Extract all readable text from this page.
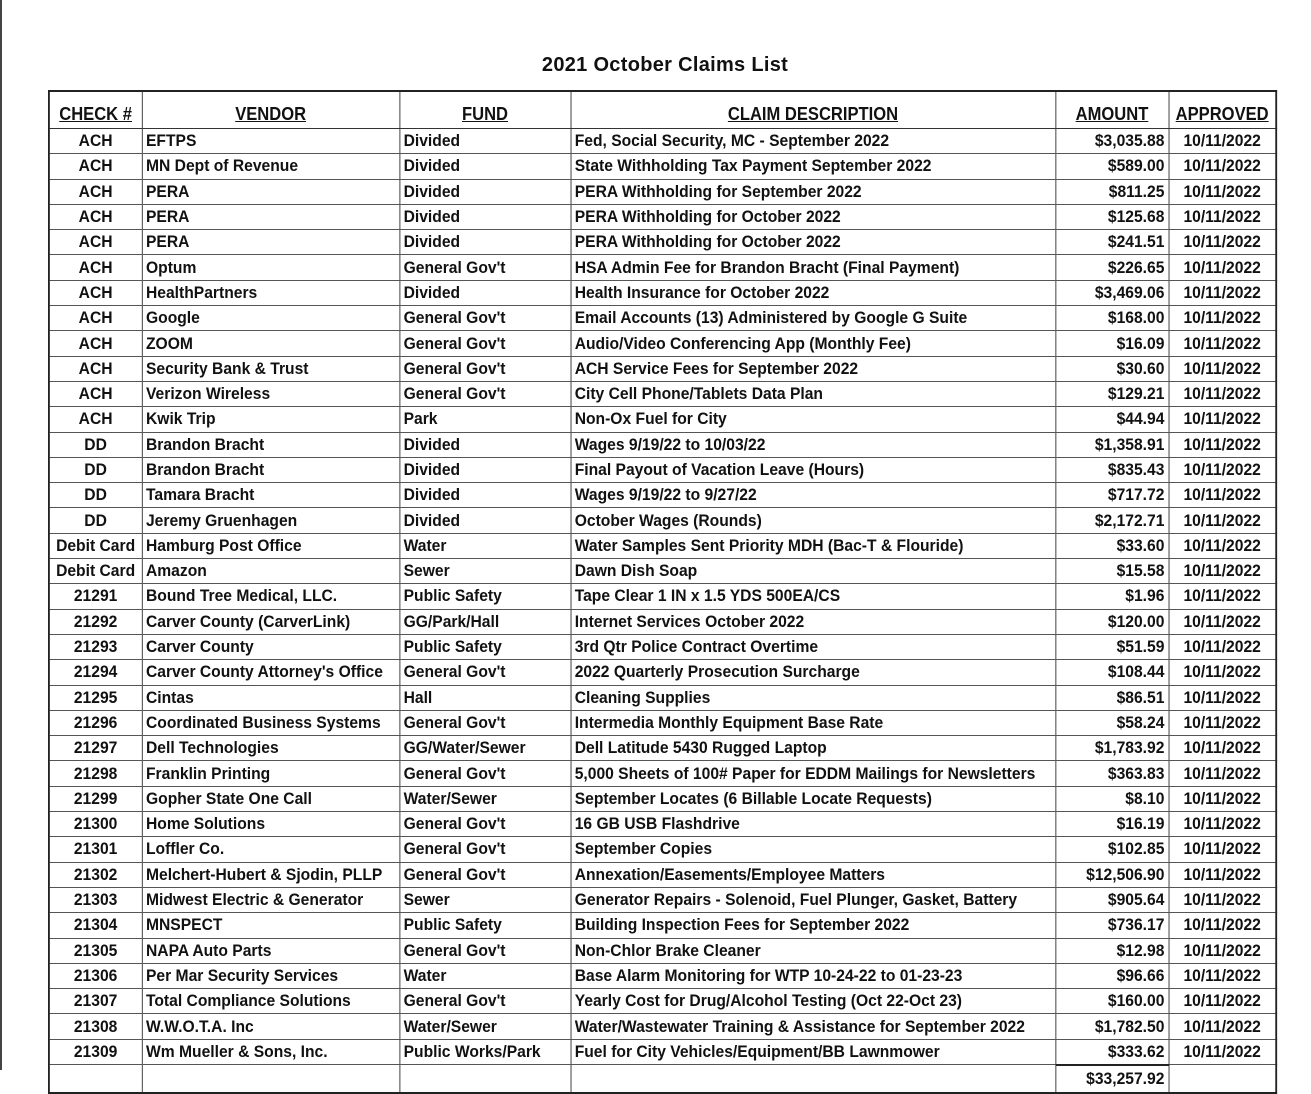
2021 October Claims List
CHECK #	VENDOR	FUND	CLAIM DESCRIPTION	AMOUNT	APPROVED
ACH	EFTPS	Divided	Fed, Social Security, MC - September 2022	$3,035.88	10/11/2022
ACH	MN Dept of Revenue	Divided	State Withholding Tax Payment September 2022	$589.00	10/11/2022
ACH	PERA	Divided	PERA Withholding for September 2022	$811.25	10/11/2022
ACH	PERA	Divided	PERA Withholding for October 2022	$125.68	10/11/2022
ACH	PERA	Divided	PERA Withholding for October 2022	$241.51	10/11/2022
ACH	Optum	General Gov't	HSA Admin Fee for Brandon Bracht (Final Payment)	$226.65	10/11/2022
ACH	HealthPartners	Divided	Health Insurance for October 2022	$3,469.06	10/11/2022
ACH	Google	General Gov't	Email Accounts (13) Administered by Google G Suite	$168.00	10/11/2022
ACH	ZOOM	General Gov't	Audio/Video Conferencing App (Monthly Fee)	$16.09	10/11/2022
ACH	Security Bank & Trust	General Gov't	ACH Service Fees for September 2022	$30.60	10/11/2022
ACH	Verizon Wireless	General Gov't	City Cell Phone/Tablets Data Plan	$129.21	10/11/2022
ACH	Kwik Trip	Park	Non-Ox Fuel for City	$44.94	10/11/2022
DD	Brandon Bracht	Divided	Wages 9/19/22 to 10/03/22	$1,358.91	10/11/2022
DD	Brandon Bracht	Divided	Final Payout of Vacation Leave (Hours)	$835.43	10/11/2022
DD	Tamara Bracht	Divided	Wages 9/19/22 to 9/27/22	$717.72	10/11/2022
DD	Jeremy Gruenhagen	Divided	October Wages (Rounds)	$2,172.71	10/11/2022
Debit Card	Hamburg Post Office	Water	Water Samples Sent Priority MDH (Bac-T & Flouride)	$33.60	10/11/2022
Debit Card	Amazon	Sewer	Dawn Dish Soap	$15.58	10/11/2022
21291	Bound Tree Medical, LLC.	Public Safety	Tape Clear 1 IN x 1.5 YDS 500EA/CS	$1.96	10/11/2022
21292	Carver County (CarverLink)	GG/Park/Hall	Internet Services October 2022	$120.00	10/11/2022
21293	Carver County	Public Safety	3rd Qtr Police Contract Overtime	$51.59	10/11/2022
21294	Carver County Attorney's Office	General Gov't	2022 Quarterly Prosecution Surcharge	$108.44	10/11/2022
21295	Cintas	Hall	Cleaning Supplies	$86.51	10/11/2022
21296	Coordinated Business Systems	General Gov't	Intermedia Monthly Equipment Base Rate	$58.24	10/11/2022
21297	Dell Technologies	GG/Water/Sewer	Dell Latitude 5430 Rugged Laptop	$1,783.92	10/11/2022
21298	Franklin Printing	General Gov't	5,000 Sheets of 100# Paper for EDDM Mailings for Newsletters	$363.83	10/11/2022
21299	Gopher State One Call	Water/Sewer	September Locates (6 Billable Locate Requests)	$8.10	10/11/2022
21300	Home Solutions	General Gov't	16 GB USB Flashdrive	$16.19	10/11/2022
21301	Loffler Co.	General Gov't	September Copies	$102.85	10/11/2022
21302	Melchert-Hubert & Sjodin, PLLP	General Gov't	Annexation/Easements/Employee Matters	$12,506.90	10/11/2022
21303	Midwest Electric & Generator	Sewer	Generator Repairs - Solenoid, Fuel Plunger, Gasket, Battery	$905.64	10/11/2022
21304	MNSPECT	Public Safety	Building Inspection Fees for September 2022	$736.17	10/11/2022
21305	NAPA Auto Parts	General Gov't	Non-Chlor Brake Cleaner	$12.98	10/11/2022
21306	Per Mar Security Services	Water	Base Alarm Monitoring for WTP 10-24-22 to 01-23-23	$96.66	10/11/2022
21307	Total Compliance Solutions	General Gov't	Yearly Cost for Drug/Alcohol Testing (Oct 22-Oct 23)	$160.00	10/11/2022
21308	W.W.O.T.A. Inc	Water/Sewer	Water/Wastewater Training & Assistance for September 2022	$1,782.50	10/11/2022
21309	Wm Mueller & Sons, Inc.	Public Works/Park	Fuel for City Vehicles/Equipment/BB Lawnmower	$333.62	10/11/2022
				$33,257.92	
